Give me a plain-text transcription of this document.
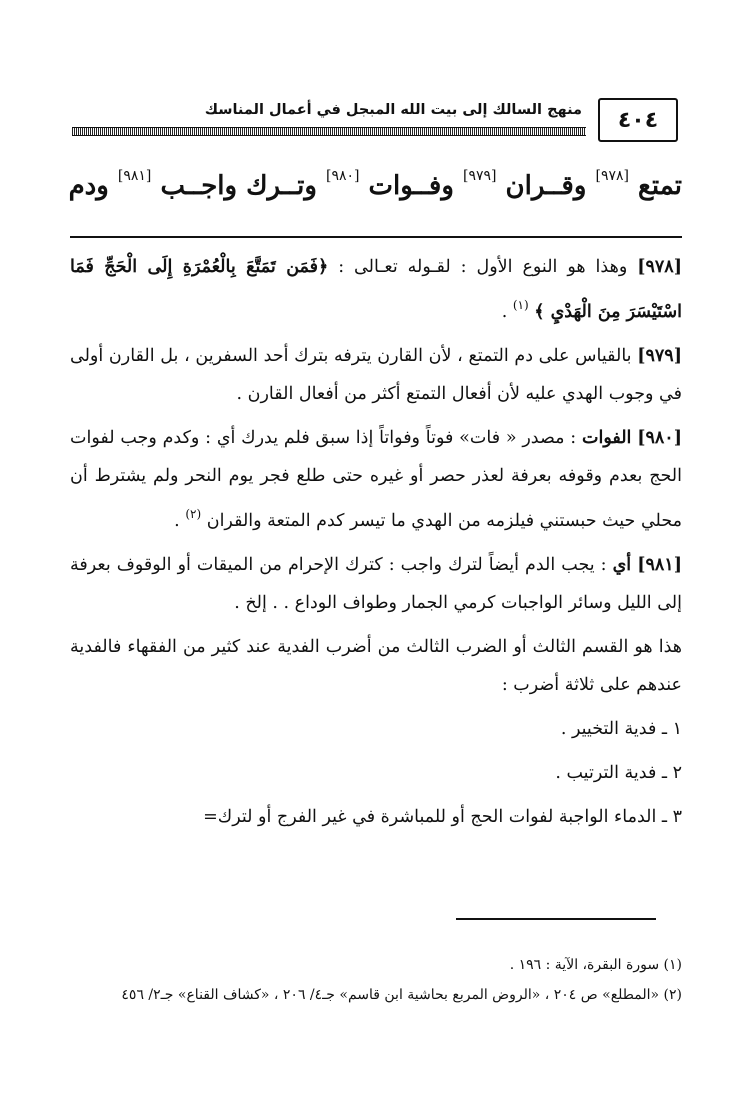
٤٠٤
منهج السالك إلى بيت الله المبجل في أعمال المناسك
تمتع [٩٧٨] وقــران [٩٧٩] وفــوات [٩٨٠] وتــرك واجــب [٩٨١] ودم

[٩٧٨] وهذا هو النوع الأول : لقـوله تعـالى : ﴿فَمَن تَمَتَّعَ بِالْعُمْرَةِ إِلَى الْحَجِّ فَمَا اسْتَيْسَرَ مِنَ الْهَدْيِ ﴾ $^{(١)}$ .

[٩٧٩] بالقياس على دم التمتع ، لأن القارن يترفه بترك أحد السفرين ، بل القارن أولى في وجوب الهدي عليه لأن أفعال التمتع أكثر من أفعال القارن .

[٩٨٠] الفوات : مصدر « فات» فوتاً وفواتاً إذا سبق فلم يدرك أي : وكدم وجب لفوات الحج بعدم وقوفه بعرفة لعذر حصر أو غيره حتى طلع فجر يوم النحر ولم يشترط أن محلي حيث حبستني فيلزمه من الهدي ما تيسر كدم المتعة والقران $^{(٢)}$ .

[٩٨١] أي : يجب الدم أيضاً لترك واجب : كترك الإحرام من الميقات أو الوقوف بعرفة إلى الليل وسائر الواجبات كرمي الجمار وطواف الوداع . . إلخ .

هذا هو القسم الثالث أو الضرب الثالث من أضرب الفدية عند كثير من الفقهاء فالفدية عندهم على ثلاثة أضرب :

١ ـ فدية التخيير .

٢ ـ فدية الترتيب .

٣ ـ الدماء الواجبة لفوات الحج أو للمباشرة في غير الفرج أو لترك=

(١) سورة البقرة، الآية : ١٩٦ .

(٢) «المطلع» ص ٢٠٤ ، «الروض المربع بحاشية ابن قاسم» جـ٤/ ٢٠٦ ، «كشاف القناع» جـ٢/ ٤٥٦
